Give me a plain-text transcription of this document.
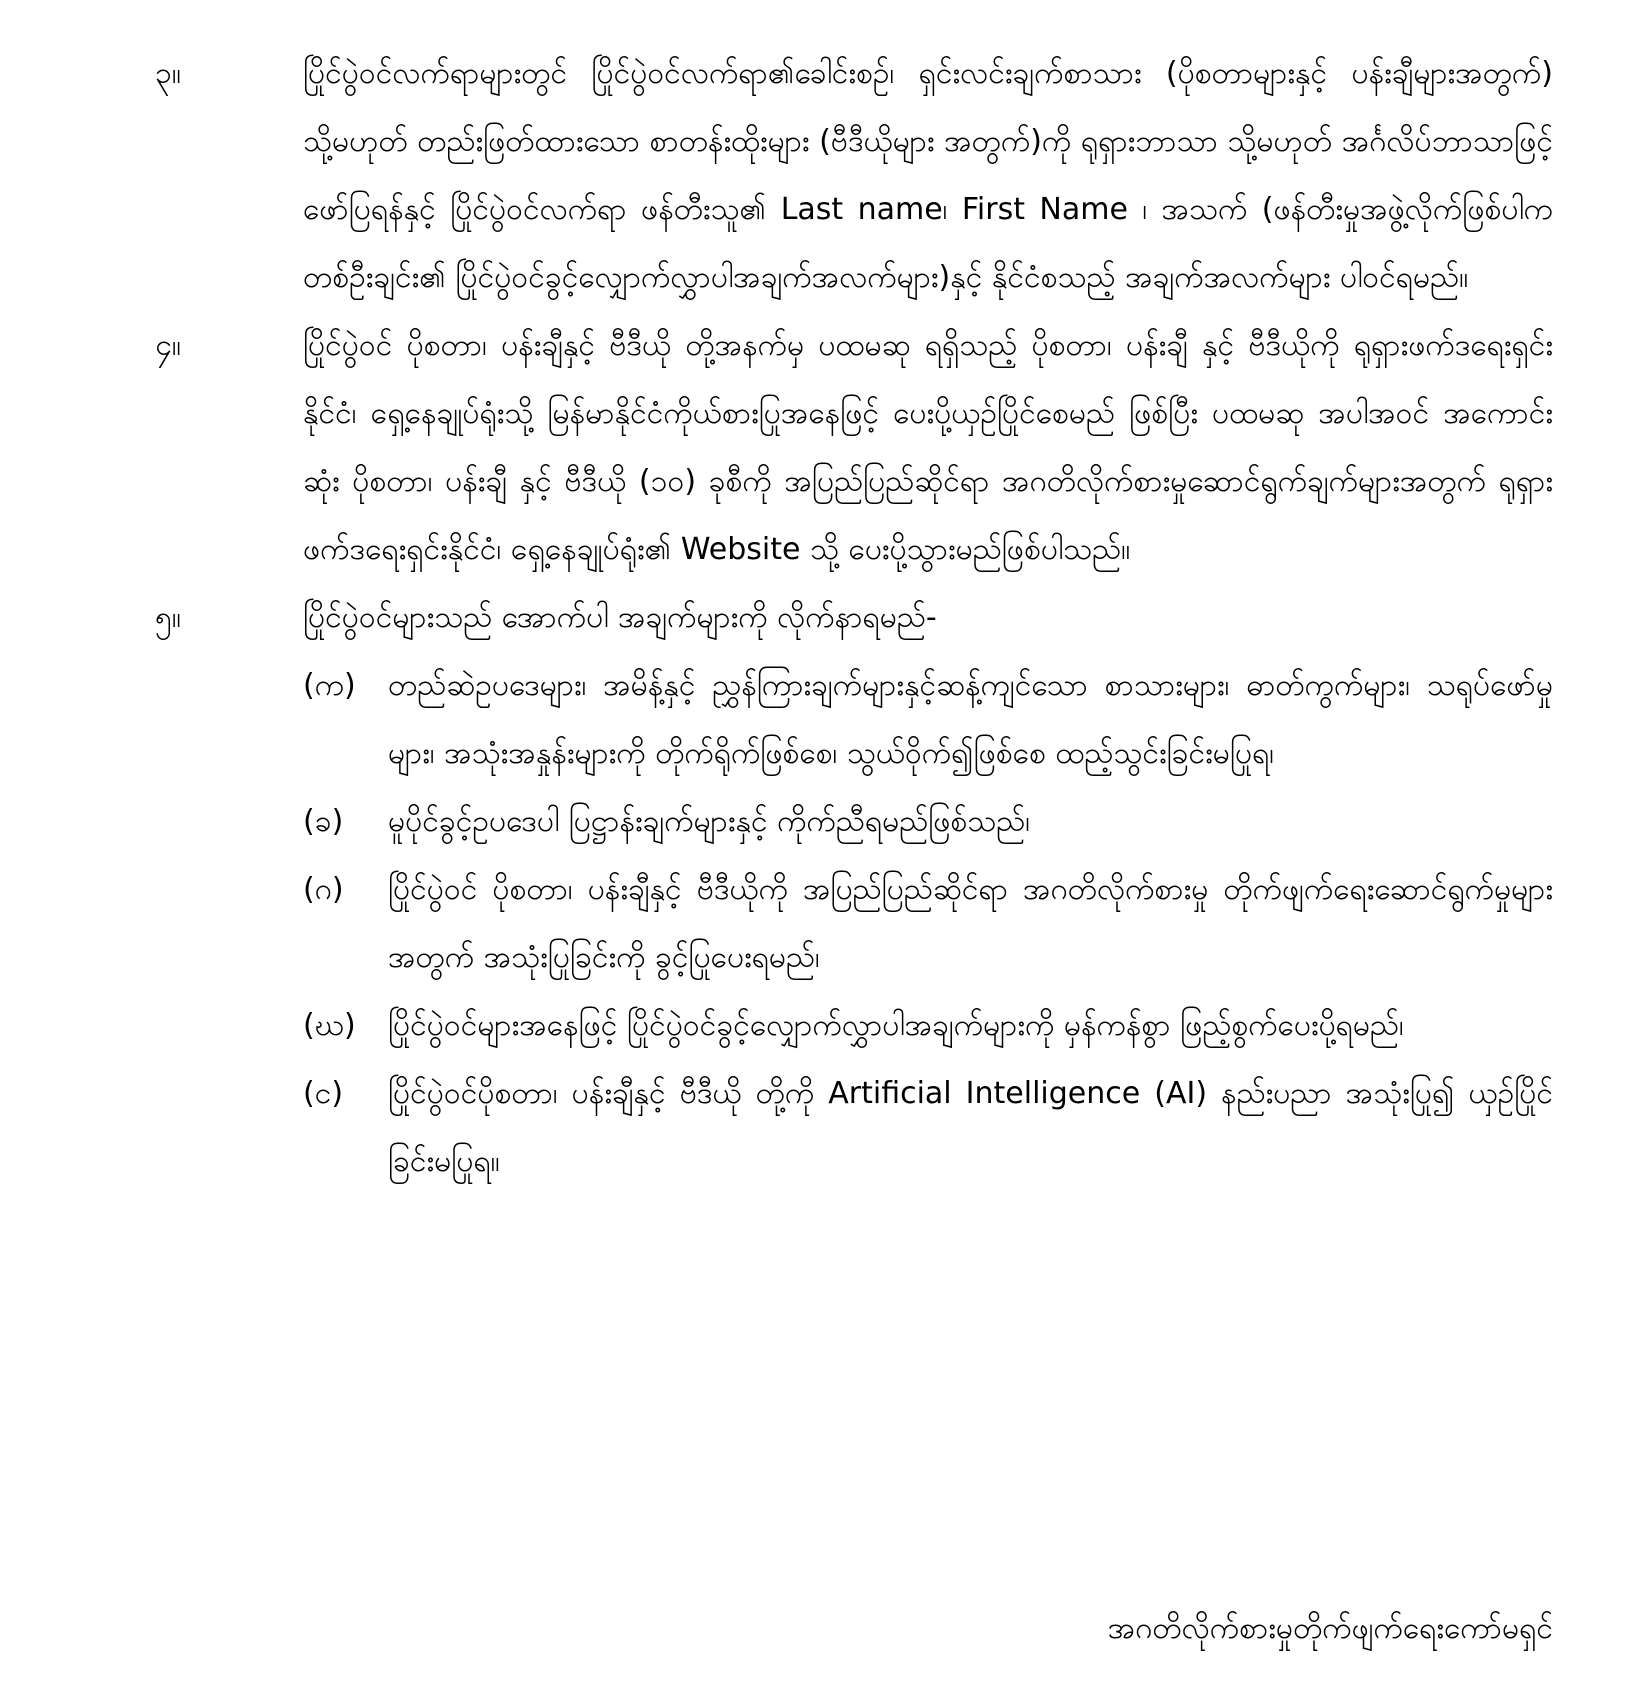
၃။	ပြိုင်ပွဲဝင်လက်ရာများတွင် ပြိုင်ပွဲဝင်လက်ရာ၏ခေါင်းစဉ်၊ ရှင်းလင်းချက်စာသား (ပိုစတာများနှင့် ပန်းချီများအတွက်) သို့မဟုတ် တည်းဖြတ်ထားသော စာတန်းထိုးများ (ဗီဒီယိုများ အတွက်)ကို ရုရှားဘာသာ သို့မဟုတ် အင်္ဂလိပ်ဘာသာဖြင့်ဖော်ပြရန်နှင့် ပြိုင်ပွဲဝင်လက်ရာ ဖန်တီးသူ၏ Last name၊ First Name ၊ အသက် (ဖန်တီးမှုအဖွဲ့လိုက်ဖြစ်ပါက တစ်ဦးချင်း၏ ပြိုင်ပွဲဝင်ခွင့်လျှောက်လွှာပါအချက်အလက်များ)နှင့် နိုင်ငံစသည့် အချက်အလက်များ ပါဝင်ရမည်။
၄။	ပြိုင်ပွဲဝင် ပိုစတာ၊ ပန်းချီနှင့် ဗီဒီယို တို့အနက်မှ ပထမဆု ရရှိသည့် ပိုစတာ၊ ပန်းချီ နှင့် ဗီဒီယိုကို ရုရှားဖက်ဒရေးရှင်းနိုင်ငံ၊ ရှေ့နေချုပ်ရုံးသို့ မြန်မာနိုင်ငံကိုယ်စားပြုအနေဖြင့် ပေးပို့ယှဉ်ပြိုင်စေမည် ဖြစ်ပြီး ပထမဆု အပါအဝင် အကောင်းဆုံး ပိုစတာ၊ ပန်းချီ နှင့် ဗီဒီယို (၁၀) ခုစီကို အပြည်ပြည်ဆိုင်ရာ အဂတိလိုက်စားမှုဆောင်ရွက်ချက်များအတွက် ရုရှားဖက်ဒရေးရှင်းနိုင်ငံ၊ ရှေ့နေချုပ်ရုံး၏ Website သို့ ပေးပို့သွားမည်ဖြစ်ပါသည်။
၅။	ပြိုင်ပွဲဝင်များသည် အောက်ပါ အချက်များကို လိုက်နာရမည်-
(က)	တည်ဆဲဥပဒေများ၊ အမိန့်နှင့် ညွှန်ကြားချက်များနှင့်ဆန့်ကျင်သော စာသားများ၊ ဓာတ်ကွက်များ၊ သရုပ်ဖော်မှုများ၊ အသုံးအနှုန်းများကို တိုက်ရိုက်ဖြစ်စေ၊ သွယ်ဝိုက်၍ဖြစ်စေ ထည့်သွင်းခြင်းမပြုရ၊
(ခ)	မူပိုင်ခွင့်ဥပဒေပါ ပြဋ္ဌာန်းချက်များနှင့် ကိုက်ညီရမည်ဖြစ်သည်၊
(ဂ)	ပြိုင်ပွဲဝင် ပိုစတာ၊ ပန်းချီနှင့် ဗီဒီယိုကို အပြည်ပြည်ဆိုင်ရာ အဂတိလိုက်စားမှု တိုက်ဖျက်ရေးဆောင်ရွက်မှုများအတွက် အသုံးပြုခြင်းကို ခွင့်ပြုပေးရမည်၊
(ဃ)	ပြိုင်ပွဲဝင်များအနေဖြင့် ပြိုင်ပွဲဝင်ခွင့်လျှောက်လွှာပါအချက်များကို မှန်ကန်စွာ ဖြည့်စွက်ပေးပို့ရမည်၊
(င)	ပြိုင်ပွဲဝင်ပိုစတာ၊ ပန်းချီနှင့် ဗီဒီယို တို့ကို Artificial Intelligence (AI) နည်းပညာ အသုံးပြု၍ ယှဉ်ပြိုင်ခြင်းမပြုရ။
အဂတိလိုက်စားမှုတိုက်ဖျက်ရေးကော်မရှင်
